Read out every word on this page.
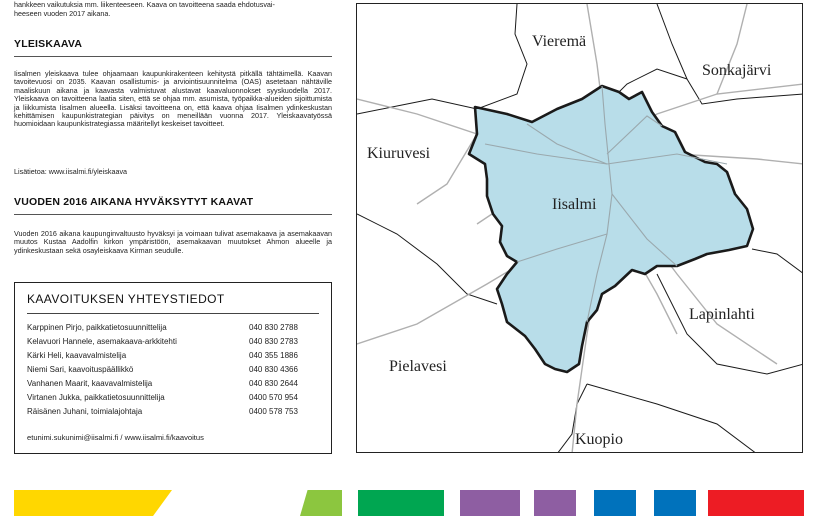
hankkeen vaikutuksia mm. liikenteeseen. Kaava on tavoitteena saada ehdotusvai-
heeseen vuoden 2017 aikana.
YLEISKAAVA

Iisalmen yleiskaava tulee ohjaamaan kaupunkirakenteen kehitystä pitkällä tähtäimellä. Kaavan tavoitevuosi on 2035. Kaavan osallistumis- ja arviointisuunnitelma (OAS) asetetaan nähtäville maaliskuun aikana ja kaavasta valmistuvat alustavat kaavaluonnokset syyskuodella 2017. Yleiskaava on tavoitteena laatia siten, että se ohjaa mm. asumista, työpaikka-alueiden sijoittumista ja liikkumista Iisalmen alueella. Lisäksi tavoitteena on, että kaava ohjaa Iisalmen ydinkeskustan kehittämisen kaupunkistrategian päivitys on meneillään vuonna 2017. Yleiskaavatyössä huomioidaan kaupunkistrategiassa määritellyt keskeiset tavoitteet.

Lisätietoa: www.iisalmi.fi/yleiskaava

VUODEN 2016 AIKANA HYVÄKSYTYT KAAVAT

Vuoden 2016 aikana kaupunginvaltuusto hyväksyi ja voimaan tulivat asemakaava ja asemakaavan muutos Kustaa Aadolfin kirkon ympäristöön, asemakaavan muutokset Ahmon alueelle ja ydinkeskustaan sekä osayleiskaava Kirman seudulle.

KAAVOITUKSEN YHTEYSTIEDOT
Karppinen Pirjo, paikkatietosuunnittelija	040 830 2788
Kelavuori Hannele, asemakaava-arkkitehti	040 830 2783
Kärki Heli, kaavavalmistelija	040 355 1886
Niemi Sari, kaavoituspäällikkö	040 830 4366
Vanhanen Maarit, kaavavalmistelija	040 830 2644
Virtanen Jukka, paikkatietosuunnittelija	0400 570 954
Räisänen Juhani, toimialajohtaja	0400 578 753
etunimi.sukunimi@iisalmi.fi / www.iisalmi.fi/kaavoitus
Vieremä
Sonkajärvi
Kiuruvesi
Iisalmi
Lapinlahti
Pielavesi
Kuopio
